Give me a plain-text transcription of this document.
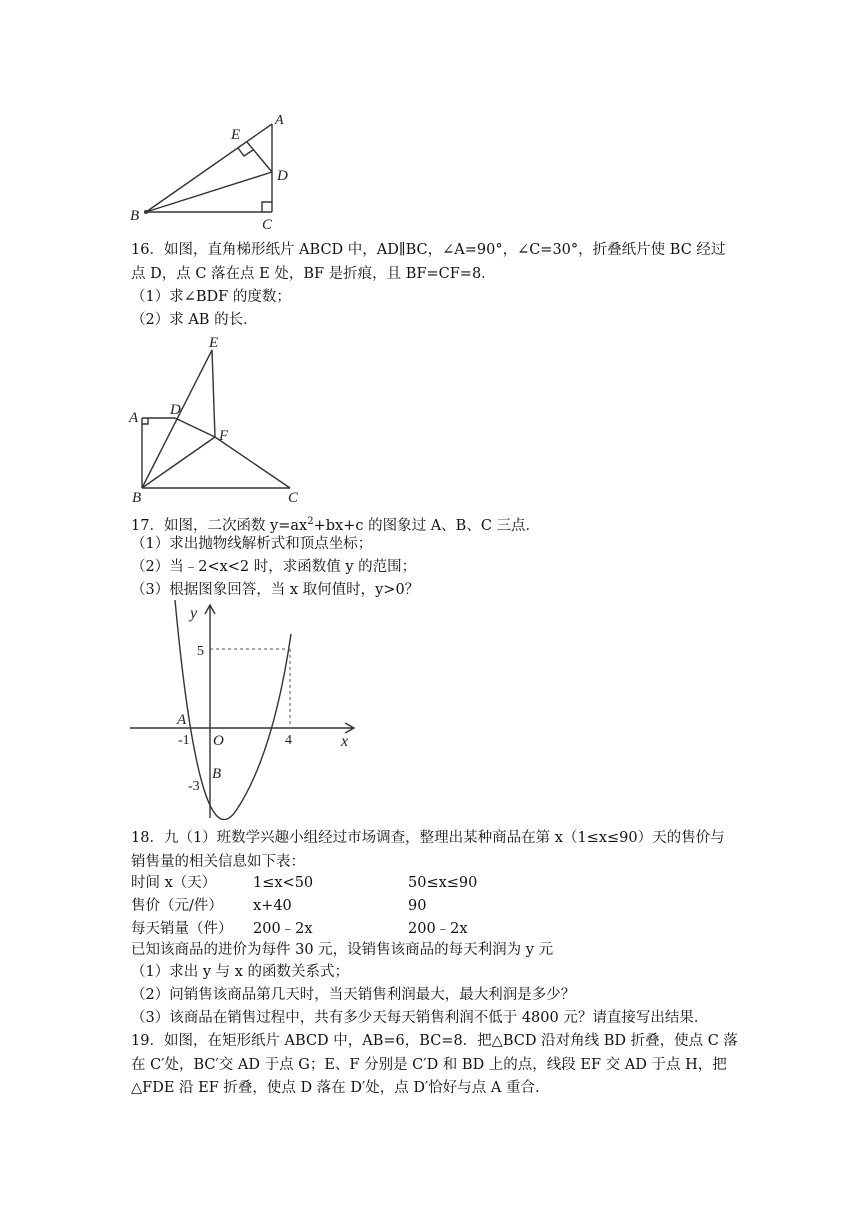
E
A
D
B
C
16．如图，直角梯形纸片 ABCD 中，AD∥BC，∠A=90°，∠C=30°，折叠纸片使 BC 经过
点 D，点 C 落在点 E 处，BF 是折痕，且 BF=CF=8．
（1）求∠BDF 的度数；
（2）求 AB 的长．
E
A D
F
B	C
17．如图，二次函数 $y=ax^2+bx+c$ 的图象过 A、B、C 三点．
（1）求出抛物线解析式和顶点坐标；
（2）当﹣2<x<2 时，求函数值 y 的范围；
（3）根据图象回答，当 x 取何值时，y>0？
y
5
A
-1 O	4	x
B
-3
18．九（1）班数学兴趣小组经过市场调查，整理出某种商品在第 x（1≤x≤90）天的售价与
销售量的相关信息如下表：
时间 x（天）	1≤x<50	50≤x≤90
售价（元/件） x+40	90
每天销量（件） 200﹣2x	200﹣2x
已知该商品的进价为每件 30 元，设销售该商品的每天利润为 y 元
（1）求出 y 与 x 的函数关系式；
（2）问销售该商品第几天时，当天销售利润最大，最大利润是多少？
（3）该商品在销售过程中，共有多少天每天销售利润不低于 4800 元？请直接写出结果．
19．如图，在矩形纸片 ABCD 中，AB=6，BC=8．把△BCD 沿对角线 BD 折叠，使点 C 落
在 C′处，BC′交 AD 于点 G；E、F 分别是 C′D 和 BD 上的点，线段 EF 交 AD 于点 H，把
△FDE 沿 EF 折叠，使点 D 落在 D′处，点 D′恰好与点 A 重合．
